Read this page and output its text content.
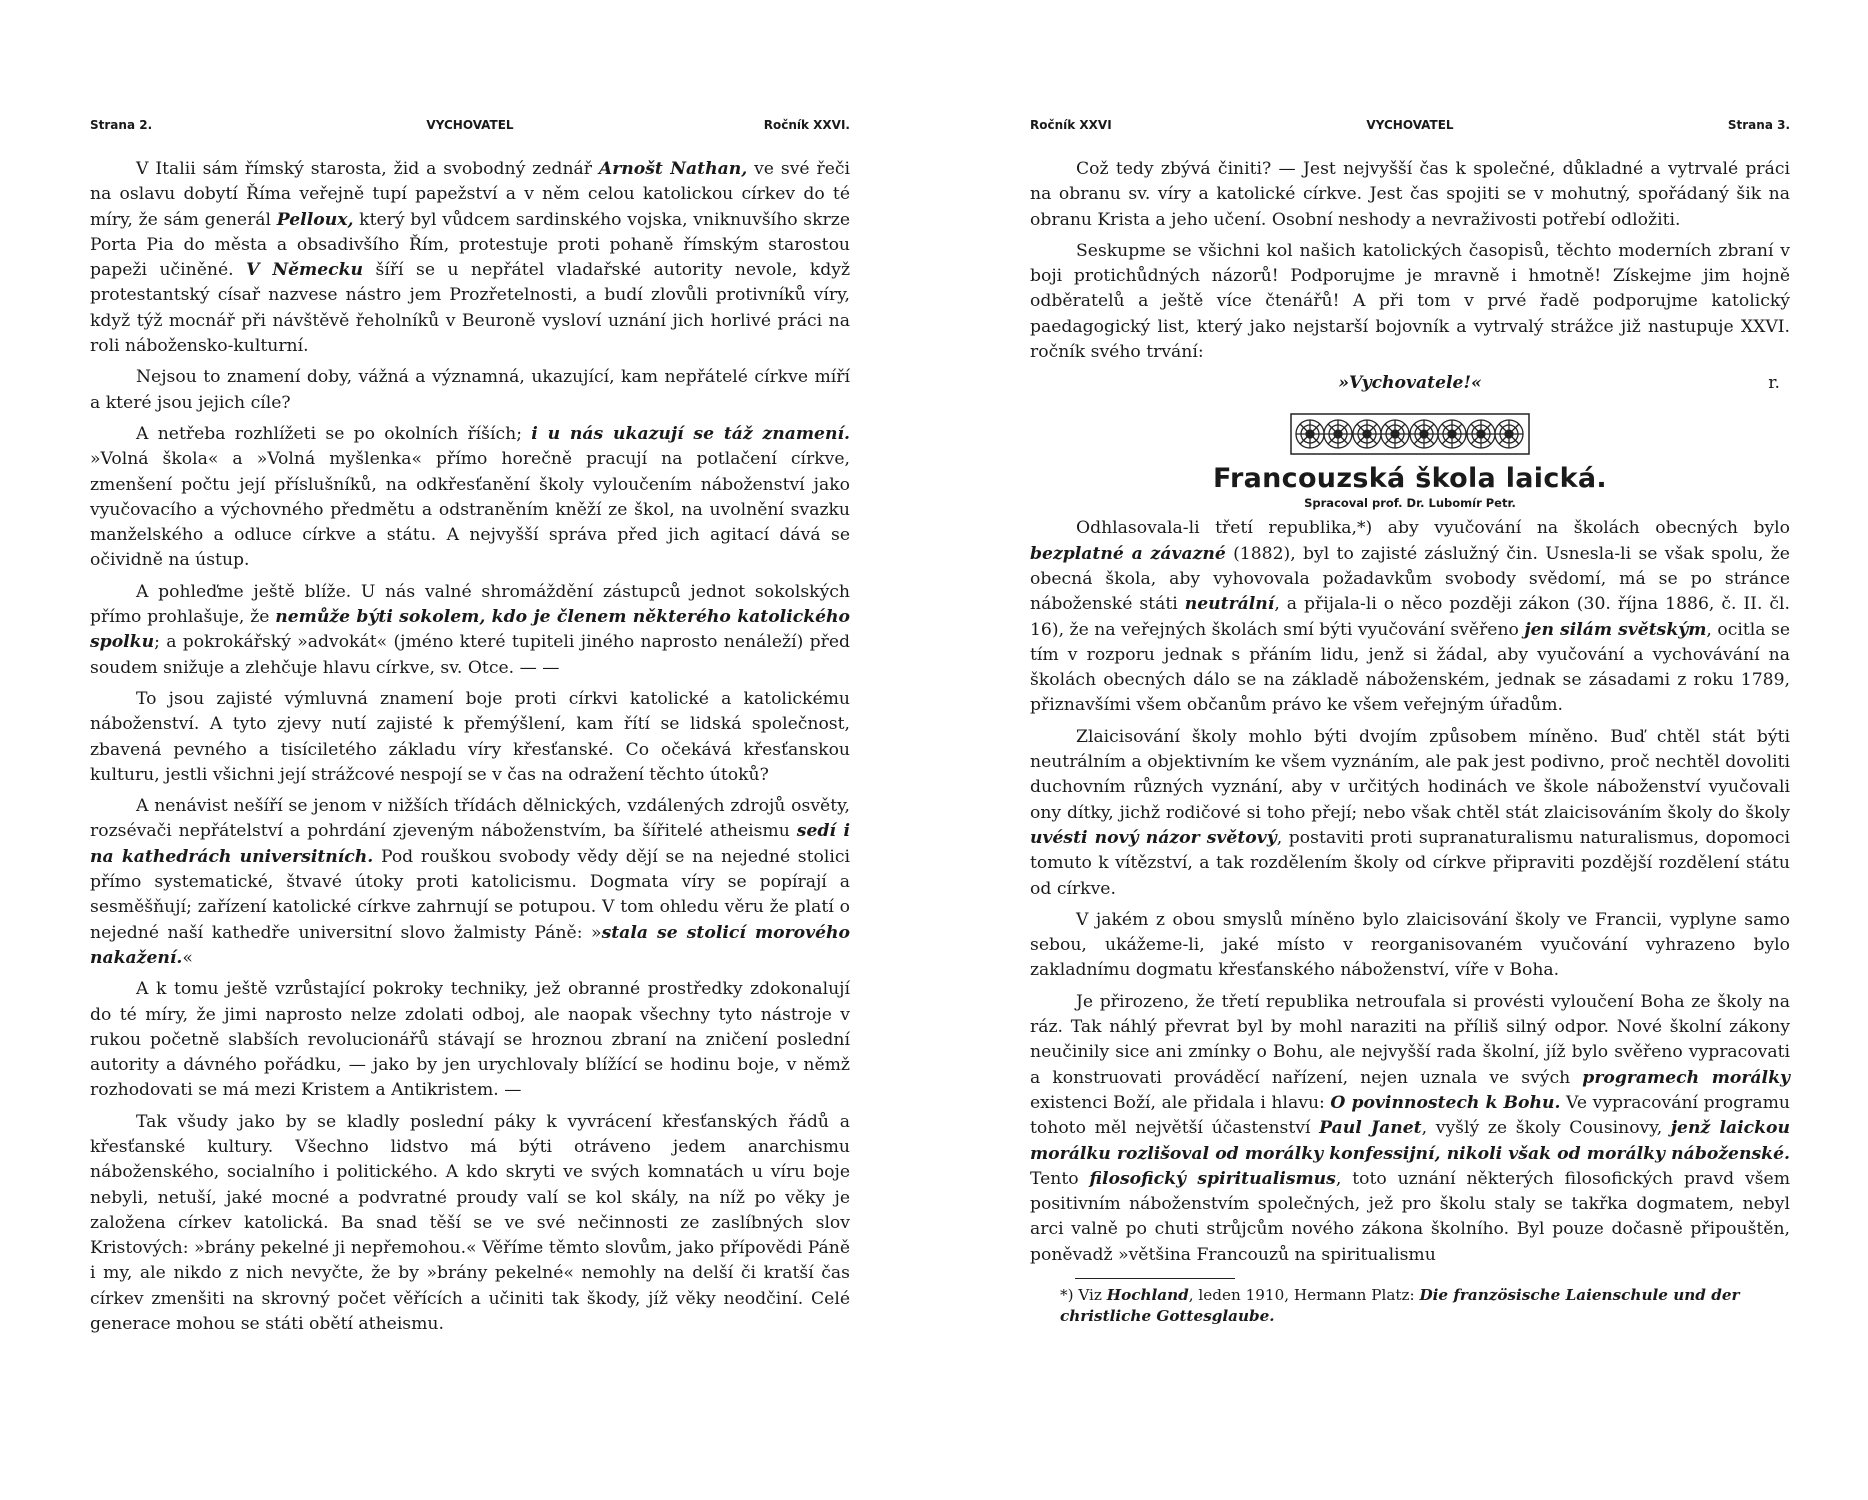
Strana 2.	VYCHOVATEL	Ročník XXVI.

V Italii sám římský starosta, žid a svobodný zednář Arnošt Nathan, ve své řeči na oslavu dobytí Říma veřejně tupí papežství a v něm celou katolickou církev do té míry, že sám generál Pelloux, který byl vůdcem sardinského vojska, vniknuvšího skrze Porta Pia do města a obsadivšího Řím, protestuje proti pohaně římským starostou papeži učiněné. V Německu šíří se u nepřátel vladařské autority nevole, když protestantský císař nazvese nástro jem Prozřetelnosti, a budí zlovůli protivníků víry, když týž mocnář při návštěvě řeholníků v Beuroně vysloví uznání jich horlivé práci na roli nábožensko-kulturní.

Nejsou to znamení doby, vážná a významná, ukazující, kam nepřátelé církve míří a které jsou jejich cíle?

A netřeba rozhlížeti se po okolních říších; i u nás ukazují se táž znamení. »Volná škola« a »Volná myšlenka« přímo horečně pracují na potlačení církve, zmenšení počtu její příslušníků, na odkřesťanění školy vyloučením náboženství jako vyučovacího a výchovného předmětu a odstraněním kněží ze škol, na uvolnění svazku manželského a odluce církve a státu. A nejvyšší správa před jich agitací dává se očividně na ústup.

A pohleďme ještě blíže. U nás valné shromáždění zástupců jednot sokolských přímo prohlašuje, že nemůže býti sokolem, kdo je členem některého katolického spolku; a pokrokářský »advokát« (jméno které tupiteli jiného naprosto nenáleží) před soudem snižuje a zlehčuje hlavu církve, sv. Otce. — —

To jsou zajisté výmluvná znamení boje proti církvi katolické a katolickému náboženství. A tyto zjevy nutí zajisté k přemýšlení, kam řítí se lidská společnost, zbavená pevného a tisíciletého základu víry křesťanské. Co očekává křesťanskou kulturu, jestli všichni její strážcové nespojí se v čas na odražení těchto útoků?

A nenávist nešíří se jenom v nižších třídách dělnických, vzdálených zdrojů osvěty, rozsévači nepřátelství a pohrdání zjeveným náboženstvím, ba šířitelé atheismu sedí i na kathedrách universitních. Pod rouškou svobody vědy dějí se na nejedné stolici přímo systematické, štvavé útoky proti katolicismu. Dogmata víry se popírají a sesměšňují; zařízení katolické církve zahrnují se potupou. V tom ohledu věru že platí o nejedné naší kathedře universitní slovo žalmisty Páně: »stala se stolicí morového nakažení.«

A k tomu ještě vzrůstající pokroky techniky, jež obranné prostředky zdokonalují do té míry, že jimi naprosto nelze zdolati odboj, ale naopak všechny tyto nástroje v rukou početně slabších revolucionářů stávají se hroznou zbraní na zničení poslední autority a dávného pořádku, — jako by jen urychlovaly blížící se hodinu boje, v němž rozhodovati se má mezi Kristem a Antikristem. —

Tak všudy jako by se kladly poslední páky k vyvrácení křesťanských řádů a křesťanské kultury. Všechno lidstvo má býti otráveno jedem anarchismu náboženského, socialního i politického. A kdo skryti ve svých komnatách u víru boje nebyli, netuší, jaké mocné a podvratné proudy valí se kol skály, na níž po věky je založena církev katolická. Ba snad těší se ve své nečinnosti ze zaslíbných slov Kristových: »brány pekelné ji nepřemohou.« Věříme těmto slovům, jako přípovědi Páně i my, ale nikdo z nich nevyčte, že by »brány pekelné« nemohly na delší či kratší čas církev zmenšiti na skrovný počet věřících a učiniti tak škody, jíž věky neodčiní. Celé generace mohou se státi obětí atheismu.

Ročník XXVI	VYCHOVATEL	Strana 3.

Což tedy zbývá činiti? — Jest nejvyšší čas k společné, důkladné a vytrvalé práci na obranu sv. víry a katolické církve. Jest čas spojiti se v mohutný, spořádaný šik na obranu Krista a jeho učení. Osobní neshody a nevraživosti potřebí odložiti.

Seskupme se všichni kol našich katolických časopisů, těchto moderních zbraní v boji protichůdných názorů! Podporujme je mravně i hmotně! Získejme jim hojně odběratelů a ještě více čtenářů! A při tom v prvé řadě podporujme katolický paedagogický list, který jako nejstarší bojovník a vytrvalý strážce již nastupuje XXVI. ročník svého trvání:

»Vychovatele!«	r.
Francouzská škola laická.
Spracoval prof. Dr. Lubomír Petr.

Odhlasovala-li třetí republika,*) aby vyučování na školách obecných bylo bezplatné a závazné (1882), byl to zajisté záslužný čin. Usnesla-li se však spolu, že obecná škola, aby vyhovovala požadavkům svobody svědomí, má se po stránce náboženské státi neutrální, a přijala-li o něco později zákon (30. října 1886, č. II. čl. 16), že na veřejných školách smí býti vyučování svěřeno jen silám světským, ocitla se tím v rozporu jednak s přáním lidu, jenž si žádal, aby vyučování a vychovávání na školách obecných dálo se na základě náboženském, jednak se zásadami z roku 1789, přiznavšími všem občanům právo ke všem veřejným úřadům.

Zlaicisování školy mohlo býti dvojím způsobem míněno. Buď chtěl stát býti neutrálním a objektivním ke všem vyznáním, ale pak jest podivno, proč nechtěl dovoliti duchovním různých vyznání, aby v určitých hodinách ve škole náboženství vyučovali ony dítky, jichž rodičové si toho přejí; nebo však chtěl stát zlaicisováním školy do školy uvésti nový názor světový, postaviti proti supranaturalismu naturalismus, dopomoci tomuto k vítězství, a tak rozdělením školy od církve připraviti pozdější rozdělení státu od církve.

V jakém z obou smyslů míněno bylo zlaicisování školy ve Francii, vyplyne samo sebou, ukážeme-li, jaké místo v reorganisovaném vyučování vyhrazeno bylo zakladnímu dogmatu křesťanského náboženství, víře v Boha.

Je přirozeno, že třetí republika netroufala si provésti vyloučení Boha ze školy na ráz. Tak náhlý převrat byl by mohl naraziti na příliš silný odpor. Nové školní zákony neučinily sice ani zmínky o Bohu, ale nejvyšší rada školní, jíž bylo svěřeno vypracovati a konstruovati prováděcí nařízení, nejen uznala ve svých programech morálky existenci Boží, ale přidala i hlavu: O povinnostech k Bohu. Ve vypracování programu tohoto měl největší účastenství Paul Janet, vyšlý ze školy Cousinovy, jenž laickou morálku rozlišoval od morálky konfessijní, nikoli však od morálky náboženské. Tento filosofický spiritualismus, toto uznání některých filosofických pravd všem positivním náboženstvím společných, jež pro školu staly se takřka dogmatem, nebyl arci valně po chuti strůjcům nového zákona školního. Byl pouze dočasně připouštěn, poněvadž »většina Francouzů na spiritualismu

*) Viz Hochland, leden 1910, Hermann Platz: Die französische Laienschule und der christliche Gottesglaube.
